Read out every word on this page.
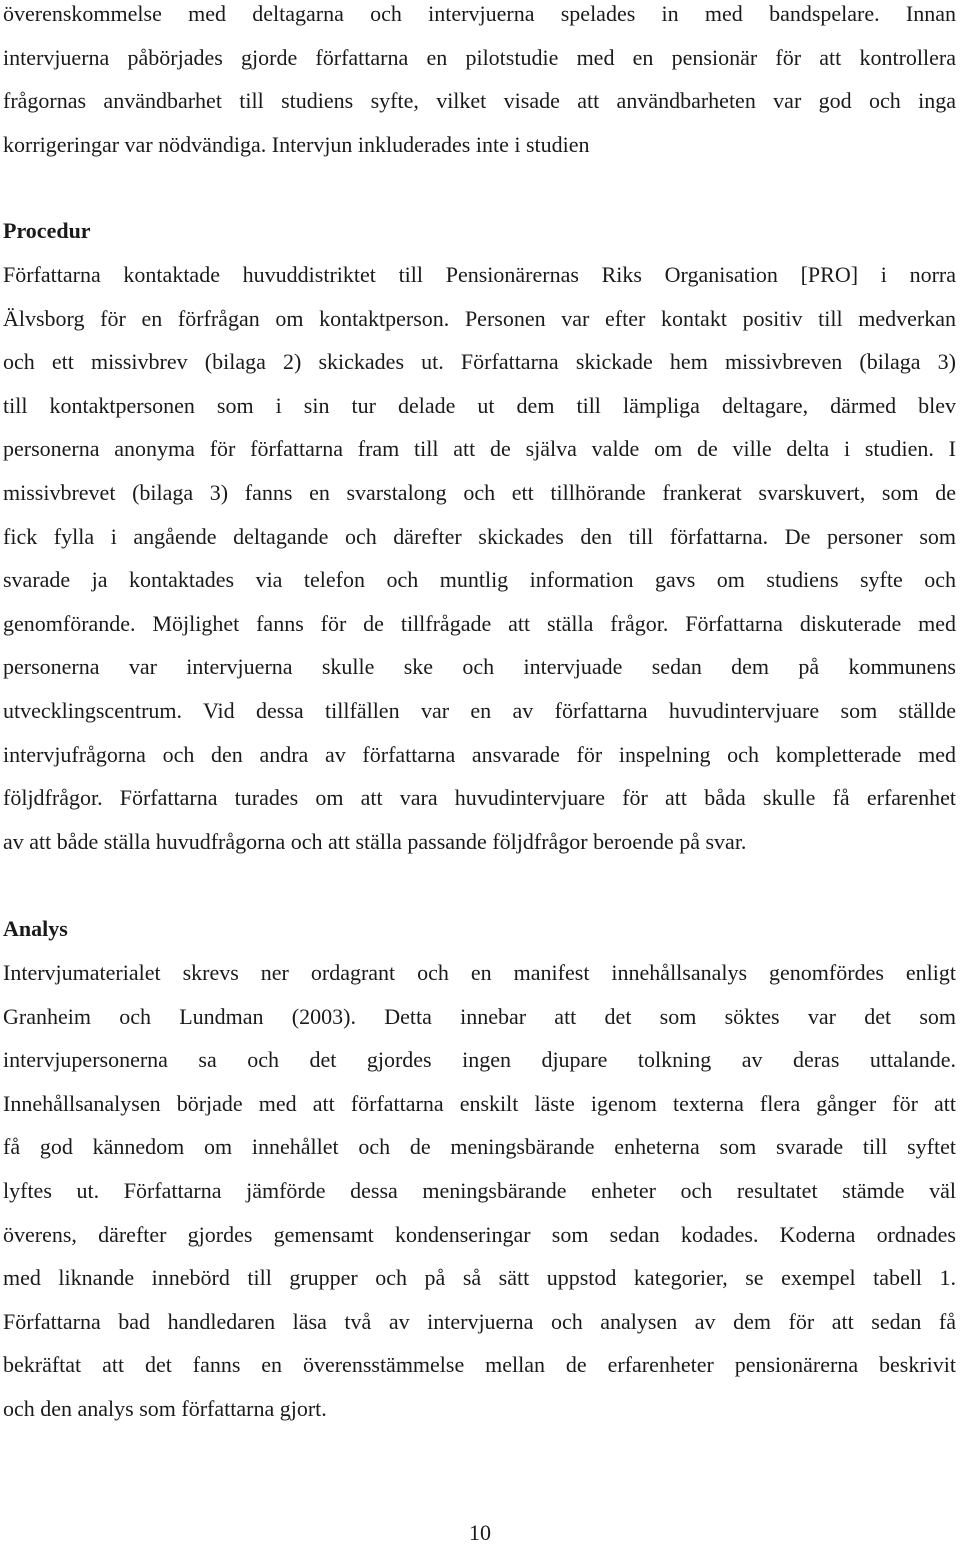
överenskommelse med deltagarna och intervjuerna spelades in med bandspelare. Innan
intervjuerna påbörjades gjorde författarna en pilotstudie med en pensionär för att kontrollera
frågornas användbarhet till studiens syfte, vilket visade att användbarheten var god och inga
korrigeringar var nödvändiga. Intervjun inkluderades inte i studien
Procedur
Författarna kontaktade huvuddistriktet till Pensionärernas Riks Organisation [PRO] i norra
Älvsborg för en förfrågan om kontaktperson. Personen var efter kontakt positiv till medverkan
och ett missivbrev (bilaga 2) skickades ut. Författarna skickade hem missivbreven (bilaga 3)
till kontaktpersonen som i sin tur delade ut dem till lämpliga deltagare, därmed blev
personerna anonyma för författarna fram till att de själva valde om de ville delta i studien. I
missivbrevet (bilaga 3) fanns en svarstalong och ett tillhörande frankerat svarskuvert, som de
fick fylla i angående deltagande och därefter skickades den till författarna. De personer som
svarade ja kontaktades via telefon och muntlig information gavs om studiens syfte och
genomförande. Möjlighet fanns för de tillfrågade att ställa frågor. Författarna diskuterade med
personerna var intervjuerna skulle ske och intervjuade sedan dem på kommunens
utvecklingscentrum. Vid dessa tillfällen var en av författarna huvudintervjuare som ställde
intervjufrågorna och den andra av författarna ansvarade för inspelning och kompletterade med
följdfrågor. Författarna turades om att vara huvudintervjuare för att båda skulle få erfarenhet
av att både ställa huvudfrågorna och att ställa passande följdfrågor beroende på svar.
Analys
Intervjumaterialet skrevs ner ordagrant och en manifest innehållsanalys genomfördes enligt
Granheim och Lundman (2003). Detta innebar att det som söktes var det som
intervjupersonerna sa och det gjordes ingen djupare tolkning av deras uttalande.
Innehållsanalysen började med att författarna enskilt läste igenom texterna flera gånger för att
få god kännedom om innehållet och de meningsbärande enheterna som svarade till syftet
lyftes ut. Författarna jämförde dessa meningsbärande enheter och resultatet stämde väl
överens, därefter gjordes gemensamt kondenseringar som sedan kodades. Koderna ordnades
med liknande innebörd till grupper och på så sätt uppstod kategorier, se exempel tabell 1.
Författarna bad handledaren läsa två av intervjuerna och analysen av dem för att sedan få
bekräftat att det fanns en överensstämmelse mellan de erfarenheter pensionärerna beskrivit
och den analys som författarna gjort.
10
